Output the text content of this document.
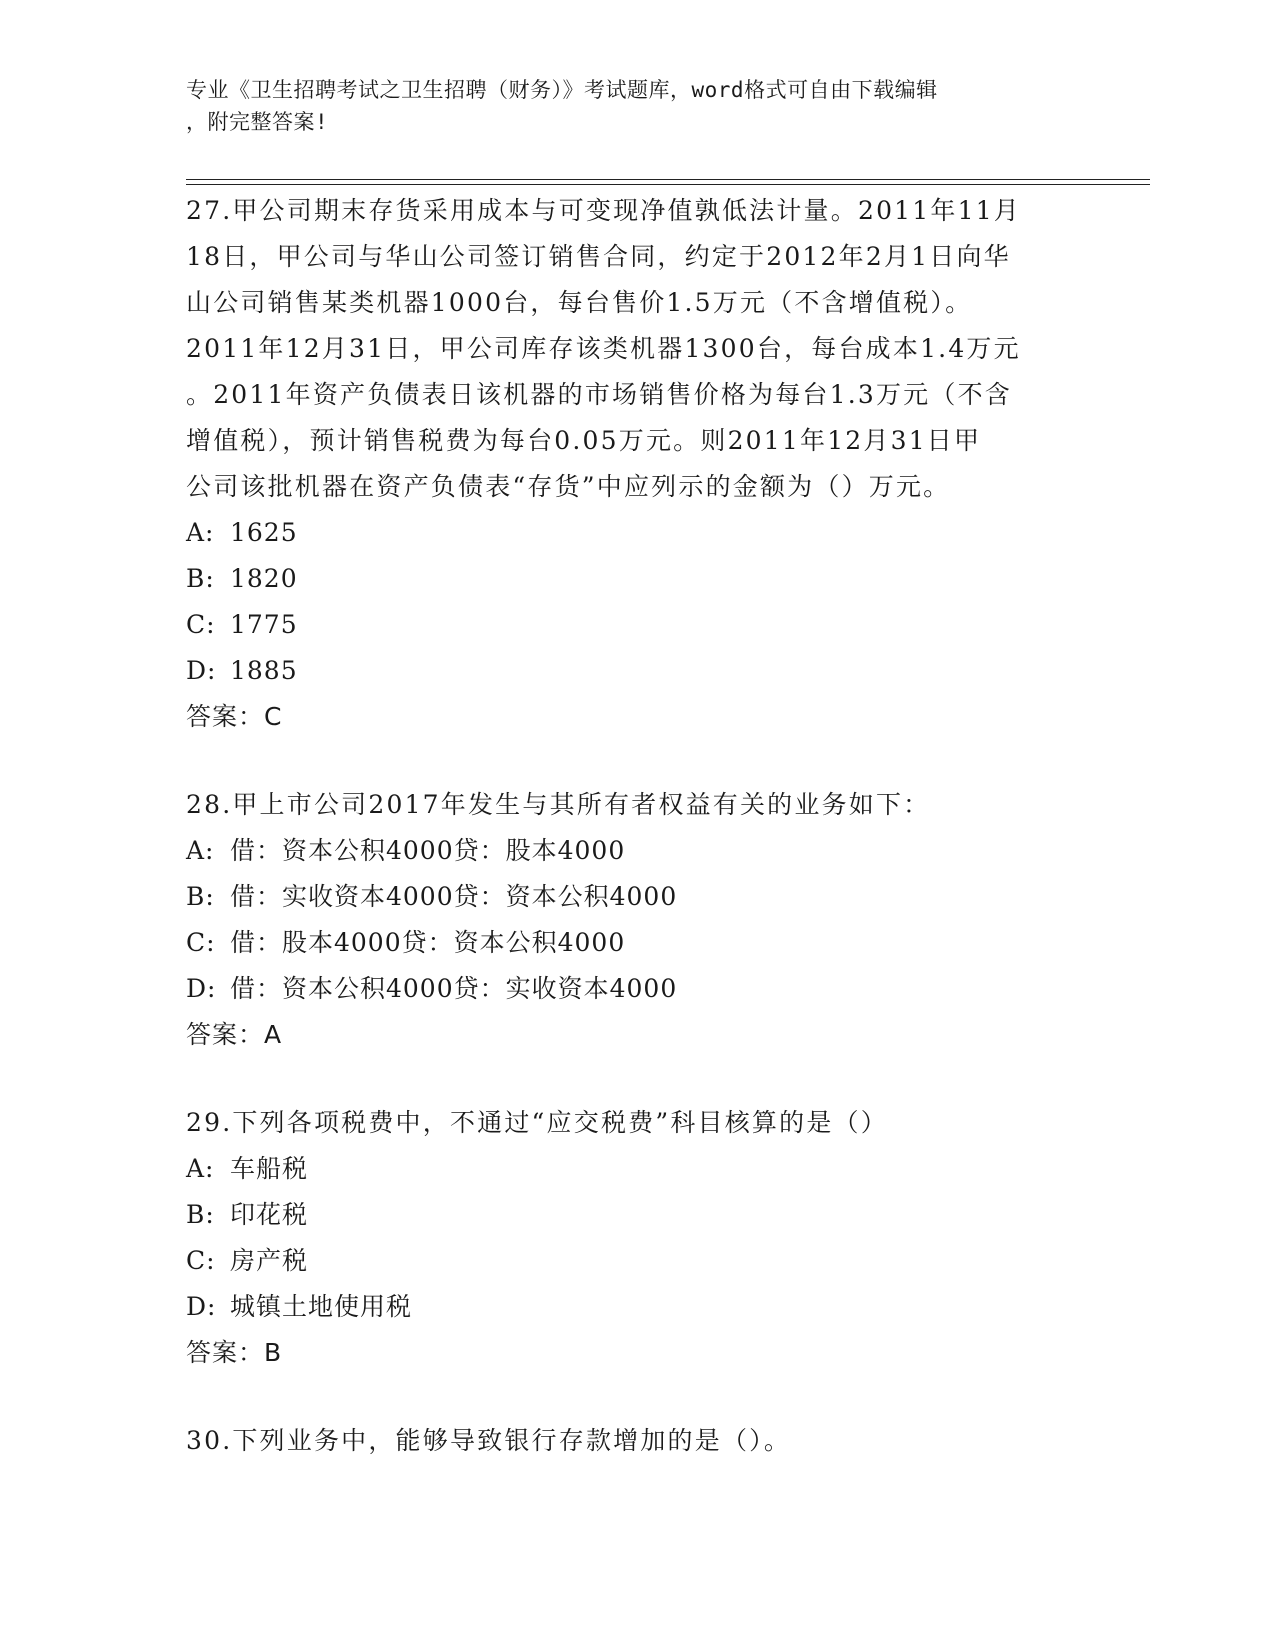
专业《卫生招聘考试之卫生招聘（财务）》考试题库，word格式可自由下载编辑
，附完整答案!
27.甲公司期末存货采用成本与可变现净值孰低法计量。2011年11月
18日，甲公司与华山公司签订销售合同，约定于2012年2月1日向华
山公司销售某类机器1000台，每台售价1.5万元（不含增值税）。
2011年12月31日，甲公司库存该类机器1300台，每台成本1.4万元
。2011年资产负债表日该机器的市场销售价格为每台1.3万元（不含
增值税），预计销售税费为每台0.05万元。则2011年12月31日甲
公司该批机器在资产负债表“存货”中应列示的金额为（）万元。
A: 1625
B: 1820
C: 1775
D: 1885
答案：C
28.甲上市公司2017年发生与其所有者权益有关的业务如下：
A: 借：资本公积4000贷：股本4000
B: 借：实收资本4000贷：资本公积4000
C: 借：股本4000贷：资本公积4000
D: 借：资本公积4000贷：实收资本4000
答案：A
29.下列各项税费中，不通过“应交税费”科目核算的是（）
A: 车船税
B: 印花税
C: 房产税
D: 城镇土地使用税
答案：B
30.下列业务中，能够导致银行存款增加的是（）。
